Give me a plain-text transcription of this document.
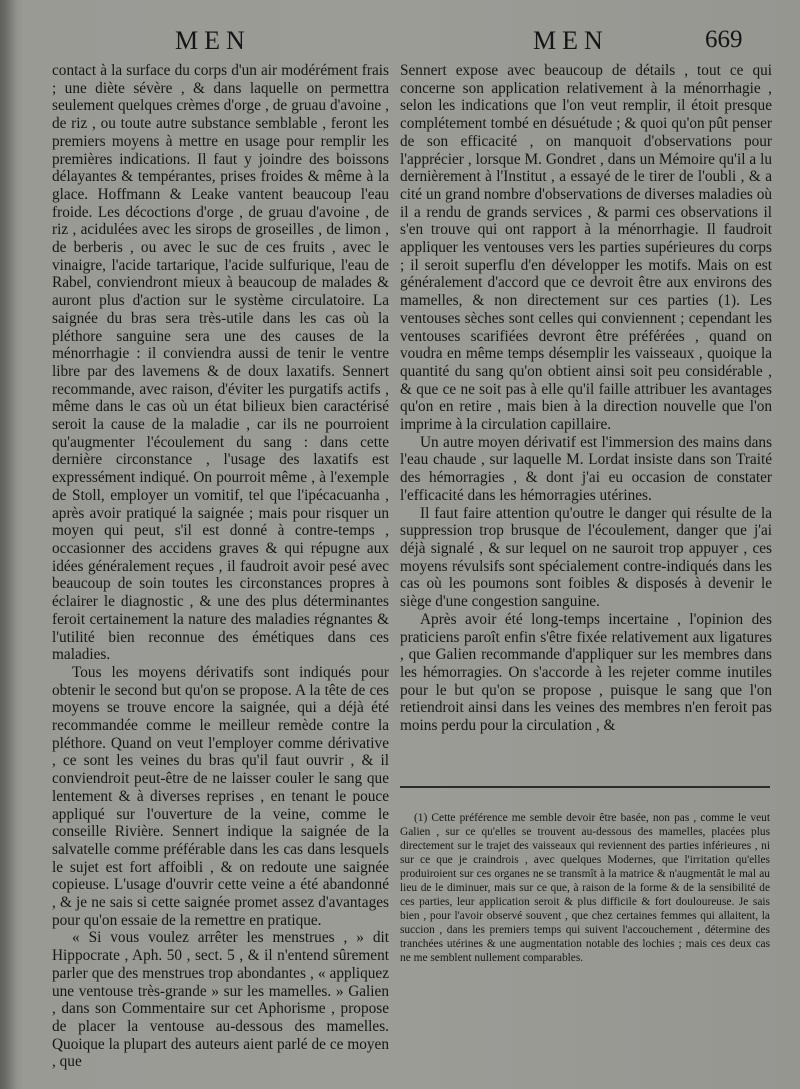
MEN	MEN	669

contact à la surface du corps d'un air modérément frais ; une diète sévère , & dans laquelle on permettra seulement quelques crèmes d'orge , de gruau d'avoine , de riz , ou toute autre substance semblable , feront les premiers moyens à mettre en usage pour remplir les premières indications. Il faut y joindre des boissons délayantes & tempérantes, prises froides & même à la glace. Hoffmann & Leake vantent beaucoup l'eau froide. Les décoctions d'orge , de gruau d'avoine , de riz , acidulées avec les sirops de groseilles , de limon , de berberis , ou avec le suc de ces fruits , avec le vinaigre, l'acide tartarique, l'acide sulfurique, l'eau de Rabel, conviendront mieux à beaucoup de malades & auront plus d'action sur le système circulatoire. La saignée du bras sera très-utile dans les cas où la pléthore sanguine sera une des causes de la ménorrhagie : il conviendra aussi de tenir le ventre libre par des lavemens & de doux laxatifs. Sennert recommande, avec raison, d'éviter les purgatifs actifs , même dans le cas où un état bilieux bien caractérisé seroit la cause de la maladie , car ils ne pourroient qu'augmenter l'écoulement du sang : dans cette dernière circonstance , l'usage des laxatifs est expressément indiqué. On pourroit même , à l'exemple de Stoll, employer un vomitif, tel que l'ipécacuanha , après avoir pratiqué la saignée ; mais pour risquer un moyen qui peut, s'il est donné à contre-temps , occasionner des accidens graves & qui répugne aux idées généralement reçues , il faudroit avoir pesé avec beaucoup de soin toutes les circonstances propres à éclairer le diagnostic , & une des plus déterminantes feroit certainement la nature des maladies régnantes & l'utilité bien reconnue des émétiques dans ces maladies.

Tous les moyens dérivatifs sont indiqués pour obtenir le second but qu'on se propose. A la tête de ces moyens se trouve encore la saignée, qui a déjà été recommandée comme le meilleur remède contre la pléthore. Quand on veut l'employer comme dérivative , ce sont les veines du bras qu'il faut ouvrir , & il conviendroit peut-être de ne laisser couler le sang que lentement & à diverses reprises , en tenant le pouce appliqué sur l'ouverture de la veine, comme le conseille Rivière. Sennert indique la saignée de la salvatelle comme préférable dans les cas dans lesquels le sujet est fort affoibli , & on redoute une saignée copieuse. L'usage d'ouvrir cette veine a été abandonné , & je ne sais si cette saignée promet assez d'avantages pour qu'on essaie de la remettre en pratique.

« Si vous voulez arrêter les menstrues , » dit Hippocrate , Aph. 50 , sect. 5 , & il n'entend sûrement parler que des menstrues trop abondantes , « appliquez une ventouse très-grande » sur les mamelles. » Galien , dans son Commentaire sur cet Aphorisme , propose de placer la ventouse au-dessous des mamelles. Quoique la plupart des auteurs aient parlé de ce moyen , que

Sennert expose avec beaucoup de détails , tout ce qui concerne son application relativement à la ménorrhagie , selon les indications que l'on veut remplir, il étoit presque complétement tombé en désuétude ; & quoi qu'on pût penser de son efficacité , on manquoit d'observations pour l'apprécier , lorsque M. Gondret , dans un Mémoire qu'il a lu dernièrement à l'Institut , a essayé de le tirer de l'oubli , & a cité un grand nombre d'observations de diverses maladies où il a rendu de grands services , & parmi ces observations il s'en trouve qui ont rapport à la ménorrhagie. Il faudroit appliquer les ventouses vers les parties supérieures du corps ; il seroit superflu d'en développer les motifs. Mais on est généralement d'accord que ce devroit être aux environs des mamelles, & non directement sur ces parties (1). Les ventouses sèches sont celles qui conviennent ; cependant les ventouses scarifiées devront être préférées , quand on voudra en même temps désemplir les vaisseaux , quoique la quantité du sang qu'on obtient ainsi soit peu considérable , & que ce ne soit pas à elle qu'il faille attribuer les avantages qu'on en retire , mais bien à la direction nouvelle que l'on imprime à la circulation capillaire.

Un autre moyen dérivatif est l'immersion des mains dans l'eau chaude , sur laquelle M. Lordat insiste dans son Traité des hémorragies , & dont j'ai eu occasion de constater l'efficacité dans les hémorragies utérines.

Il faut faire attention qu'outre le danger qui résulte de la suppression trop brusque de l'écoulement, danger que j'ai déjà signalé , & sur lequel on ne sauroit trop appuyer , ces moyens révulsifs sont spécialement contre-indiqués dans les cas où les poumons sont foibles & disposés à devenir le siège d'une congestion sanguine.

Après avoir été long-temps incertaine , l'opinion des praticiens paroît enfin s'être fixée relativement aux ligatures , que Galien recommande d'appliquer sur les membres dans les hémorragies. On s'accorde à les rejeter comme inutiles pour le but qu'on se propose , puisque le sang que l'on retiendroit ainsi dans les veines des membres n'en feroit pas moins perdu pour la circulation , &

(1) Cette préférence me semble devoir être basée, non pas , comme le veut Galien , sur ce qu'elles se trouvent au-dessous des mamelles, placées plus directement sur le trajet des vaisseaux qui reviennent des parties inférieures , ni sur ce que je craindrois , avec quelques Modernes, que l'irritation qu'elles produiroient sur ces organes ne se transmît à la matrice & n'augmentât le mal au lieu de le diminuer, mais sur ce que, à raison de la forme & de la sensibilité de ces parties, leur application seroit & plus difficile & fort douloureuse. Je sais bien , pour l'avoir observé souvent , que chez certaines femmes qui allaitent, la succion , dans les premiers temps qui suivent l'accouchement , détermine des tranchées utérines & une augmentation notable des lochies ; mais ces deux cas ne me semblent nullement comparables.
